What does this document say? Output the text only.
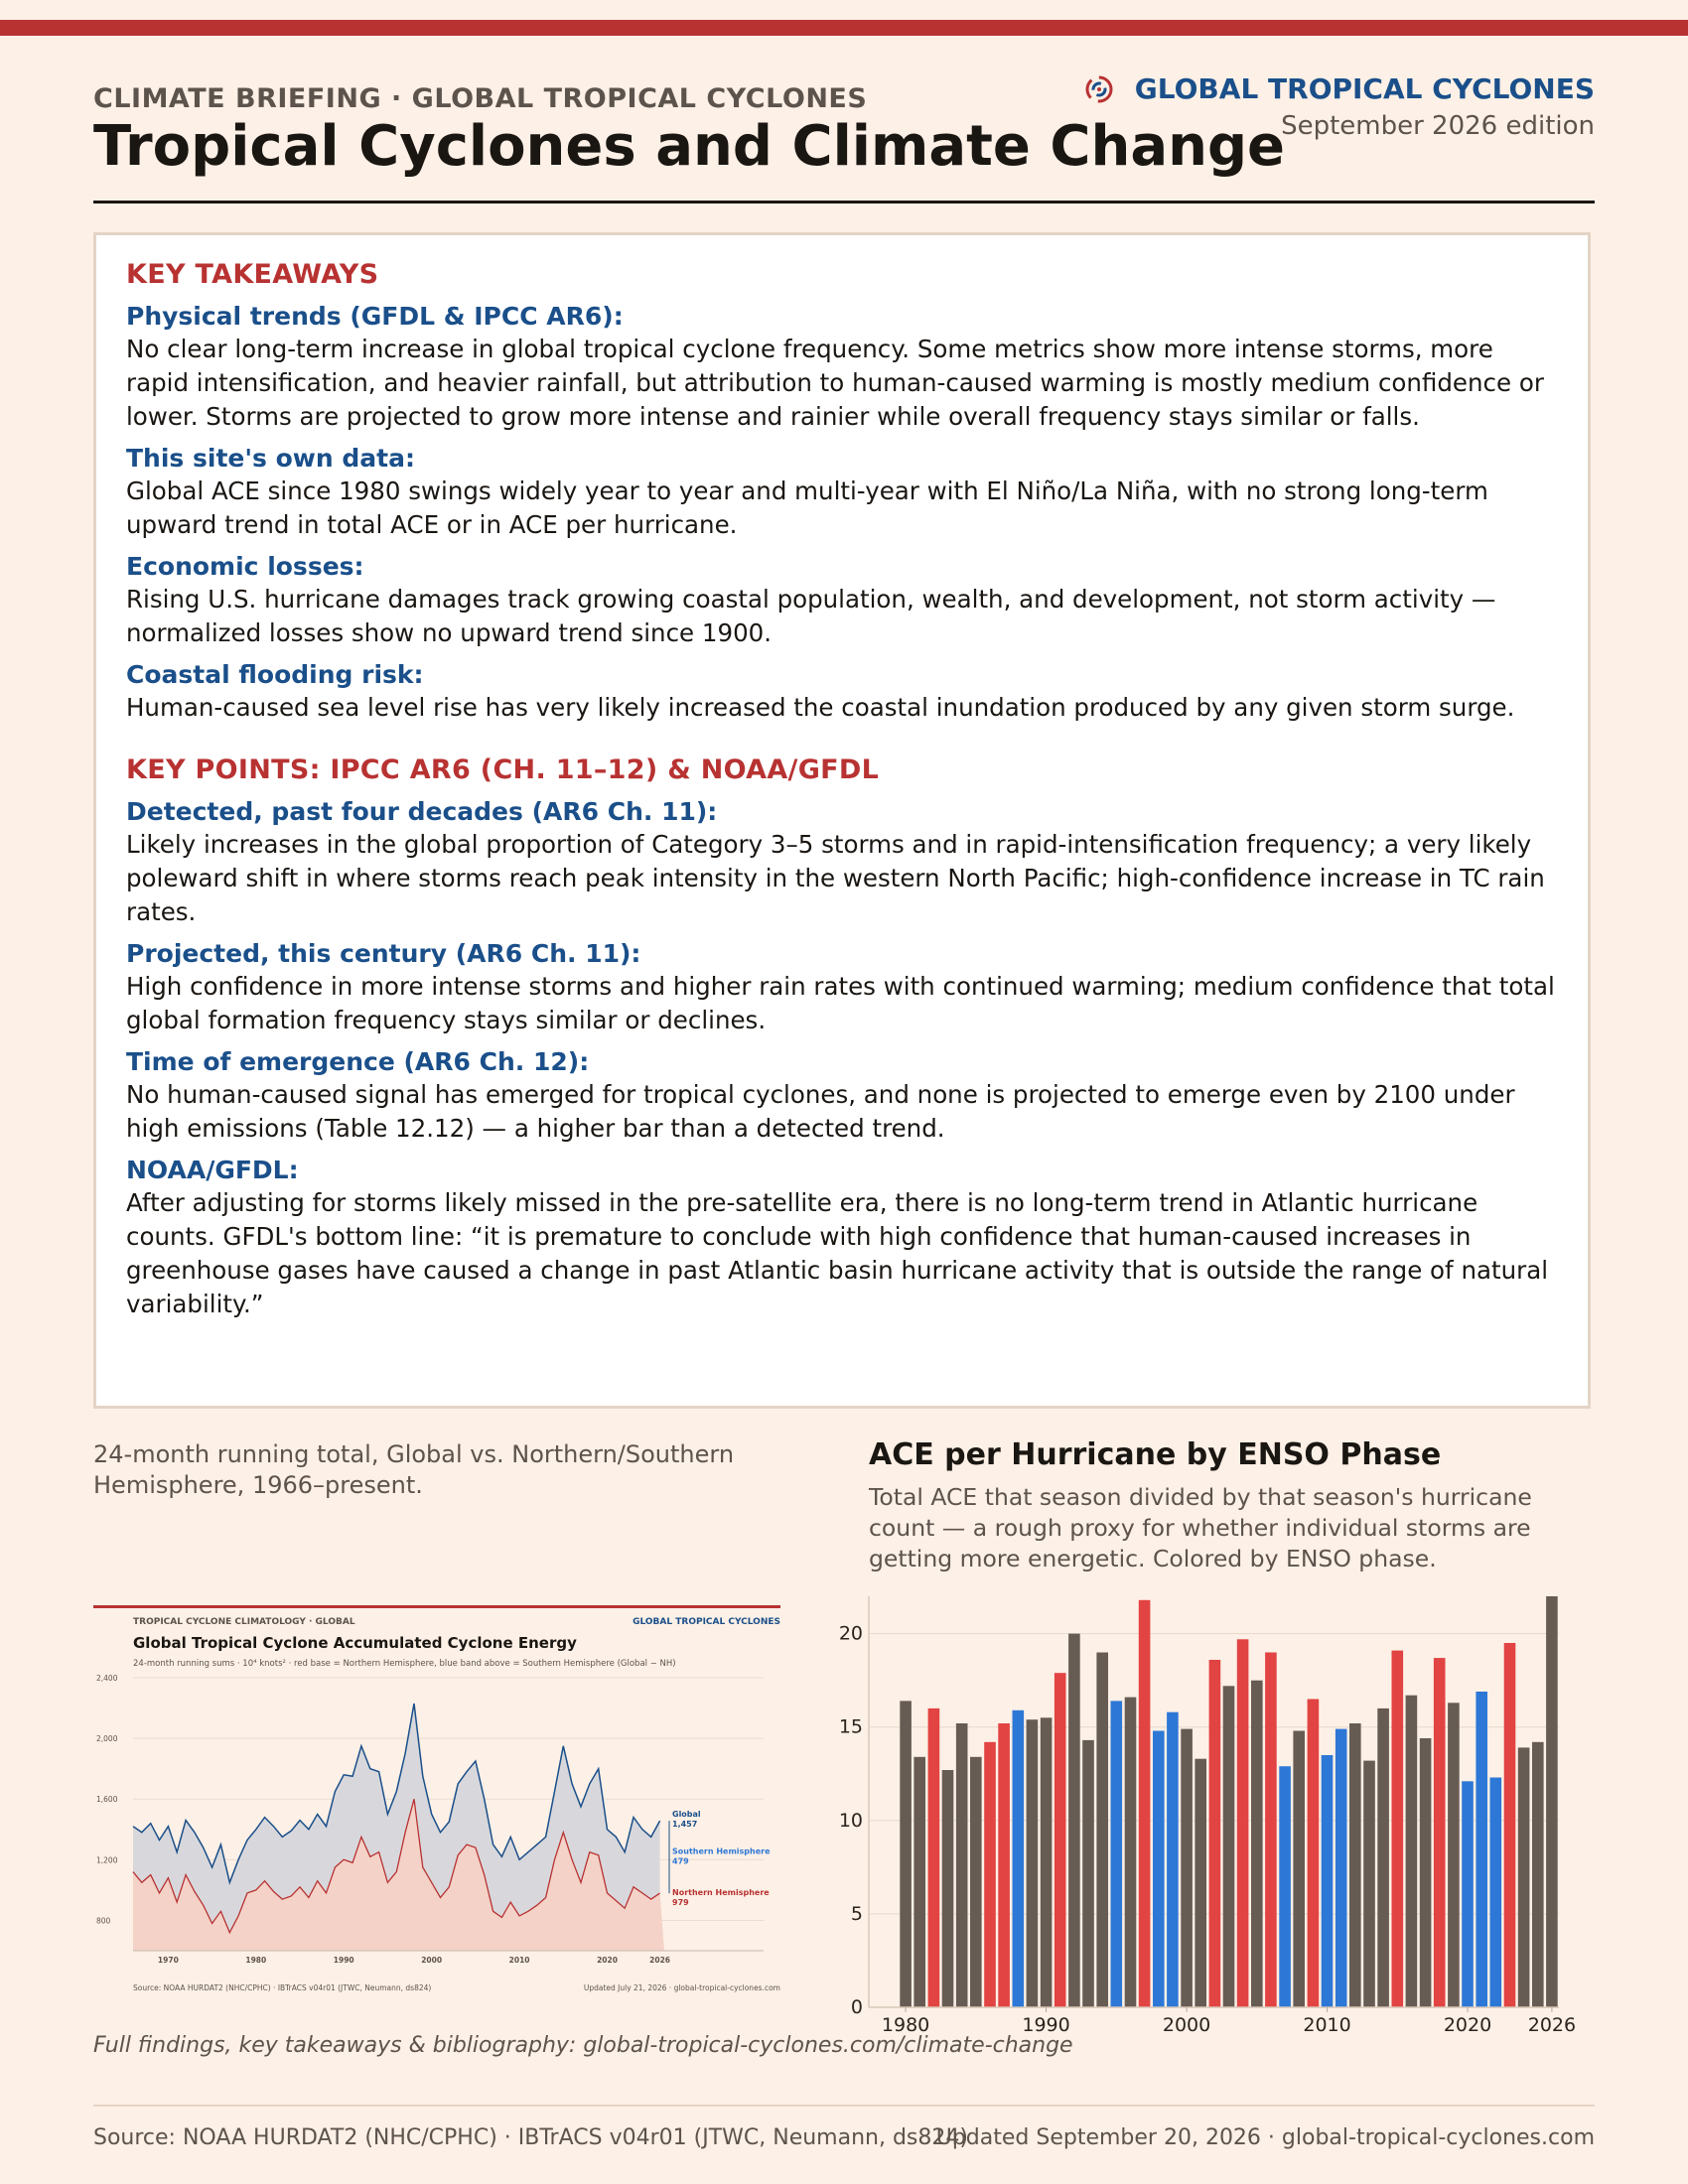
CLIMATE BRIEFING · GLOBAL TROPICAL CYCLONES
Tropical Cyclones and Climate Change
GLOBAL TROPICAL CYCLONES
September 2026 edition
KEY TAKEAWAYS

Physical trends (GFDL & IPCC AR6):

No clear long-term increase in global tropical cyclone frequency. Some metrics show more intense storms, more rapid intensification, and heavier rainfall, but attribution to human-caused warming is mostly medium confidence or lower. Storms are projected to grow more intense and rainier while overall frequency stays similar or falls.

This site's own data:

Global ACE since 1980 swings widely year to year and multi-year with El Niño/La Niña, with no strong long-term upward trend in total ACE or in ACE per hurricane.

Economic losses:

Rising U.S. hurricane damages track growing coastal population, wealth, and development, not storm activity — normalized losses show no upward trend since 1900.

Coastal flooding risk:

Human-caused sea level rise has very likely increased the coastal inundation produced by any given storm surge.

KEY POINTS: IPCC AR6 (CH. 11–12) & NOAA/GFDL

Detected, past four decades (AR6 Ch. 11):

Likely increases in the global proportion of Category 3–5 storms and in rapid-intensification frequency; a very likely poleward shift in where storms reach peak intensity in the western North Pacific; high-confidence increase in TC rain rates.

Projected, this century (AR6 Ch. 11):

High confidence in more intense storms and higher rain rates with continued warming; medium confidence that total global formation frequency stays similar or declines.

Time of emergence (AR6 Ch. 12):

No human-caused signal has emerged for tropical cyclones, and none is projected to emerge even by 2100 under high emissions (Table 12.12) — a higher bar than a detected trend.

NOAA/GFDL:

After adjusting for storms likely missed in the pre-satellite era, there is no long-term trend in Atlantic hurricane counts. GFDL's bottom line: “it is premature to conclude with high confidence that human-caused increases in greenhouse gases have caused a change in past Atlantic basin hurricane activity that is outside the range of natural variability.”

24-month running total, Global vs. Northern/Southern Hemisphere, 1966–present.
ACE per Hurricane by ENSO Phase
Total ACE that season divided by that season's hurricane count — a rough proxy for whether individual storms are getting more energetic. Colored by ENSO phase.
TROPICAL CYCLONE CLIMATOLOGY · GLOBAL	GLOBAL TROPICAL CYCLONES
Global Tropical Cyclone Accumulated Cyclone Energy
24-month running sums · 10⁴ knots² · red base = Northern Hemisphere, blue band above = Southern Hemisphere (Global − NH)
800
1,200
1,600
2,000
2,400
1970	1980	1990	2000	2010	2020	2026
Global
1,457
Southern Hemisphere
479
Northern Hemisphere
979
Source: NOAA HURDAT2 (NHC/CPHC) · IBTrACS v04r01 (JTWC, Neumann, ds824)	Updated July 21, 2026 · global-tropical-cyclones.com
0
5
10
15
20
1980	1990	2000	2010	2020 2026
Full findings, key takeaways & bibliography: global-tropical-cyclones.com/climate-change
Source: NOAA HURDAT2 (NHC/CPHC) · IBTrACS v04r01 (JTWC, Neumann, ds824)
Updated September 20, 2026 · global-tropical-cyclones.com
